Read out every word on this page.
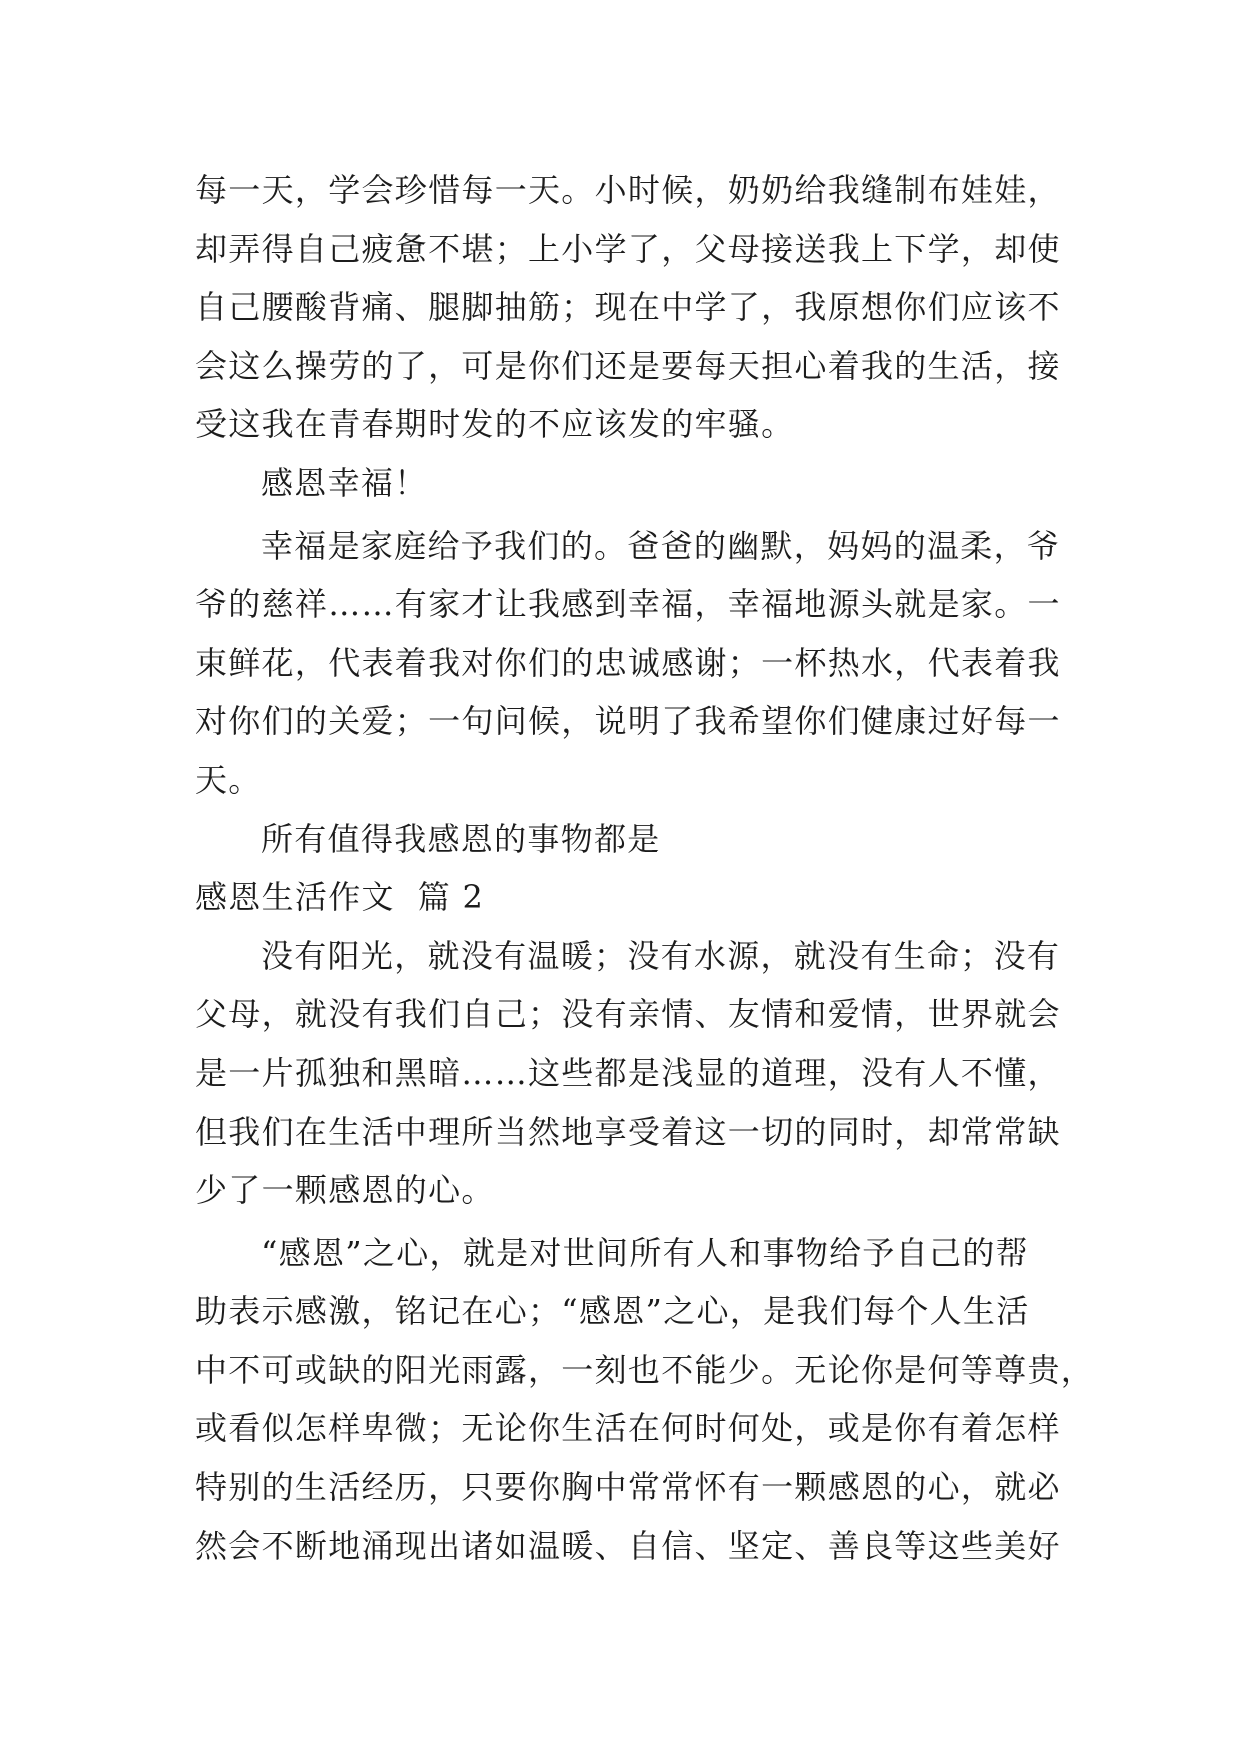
每一天，学会珍惜每一天。小时候，奶奶给我缝制布娃娃，
却弄得自己疲惫不堪；上小学了，父母接送我上下学，却使
自己腰酸背痛、腿脚抽筋；现在中学了，我原想你们应该不
会这么操劳的了，可是你们还是要每天担心着我的生活，接
受这我在青春期时发的不应该发的牢骚。
感恩幸福！
幸福是家庭给予我们的。爸爸的幽默，妈妈的温柔，爷
爷的慈祥……有家才让我感到幸福，幸福地源头就是家。一
束鲜花，代表着我对你们的忠诚感谢；一杯热水，代表着我
对你们的关爱；一句问候，说明了我希望你们健康过好每一
天。
所有值得我感恩的事物都是
感恩生活作文  篇 2
没有阳光，就没有温暖；没有水源，就没有生命；没有
父母，就没有我们自己；没有亲情、友情和爱情，世界就会
是一片孤独和黑暗……这些都是浅显的道理，没有人不懂，
但我们在生活中理所当然地享受着这一切的同时，却常常缺
少了一颗感恩的心。
“感恩”之心，就是对世间所有人和事物给予自己的帮
助表示感激，铭记在心；“感恩”之心，是我们每个人生活
中不可或缺的阳光雨露，一刻也不能少。无论你是何等尊贵，
或看似怎样卑微；无论你生活在何时何处，或是你有着怎样
特别的生活经历，只要你胸中常常怀有一颗感恩的心，就必
然会不断地涌现出诸如温暖、自信、坚定、善良等这些美好
